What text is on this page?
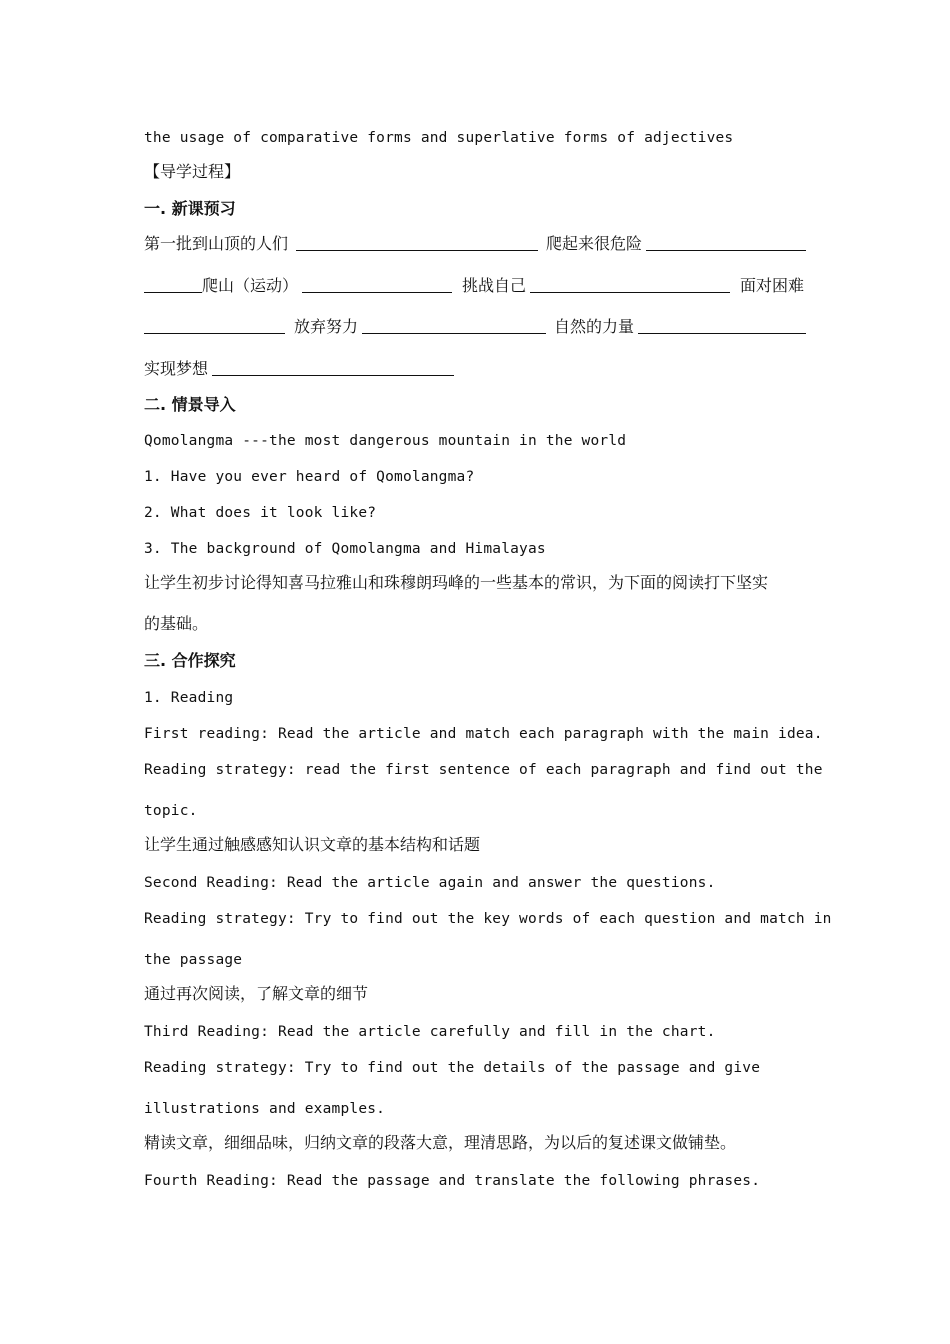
the usage of comparative forms and superlative forms of adjectives
【导学过程】
一. 新课预习
第一批到山顶的人们	爬起来很危险
爬山（运动）	挑战自己	面对困难
放弃努力	自然的力量
实现梦想
二. 情景导入
Qomolangma ---the most dangerous mountain in the world
1. Have you ever heard of Qomolangma?
2. What does it look like?
3. The background of Qomolangma and Himalayas
让学生初步讨论得知喜马拉雅山和珠穆朗玛峰的一些基本的常识，为下面的阅读打下坚实
的基础。
三. 合作探究
1. Reading
First reading: Read the article and match each paragraph with the main idea.
Reading strategy: read the first sentence of each paragraph and find out the
topic.
让学生通过触感感知认识文章的基本结构和话题
Second Reading: Read the article again and answer the questions.
Reading strategy: Try to find out the key words of each question and match in
the passage
通过再次阅读，了解文章的细节
Third Reading: Read the article carefully and fill in the chart.
Reading strategy: Try to find out the details of the passage and give
illustrations and examples.
精读文章，细细品味，归纳文章的段落大意，理清思路，为以后的复述课文做铺垫。
Fourth Reading: Read the passage and translate the following phrases.
